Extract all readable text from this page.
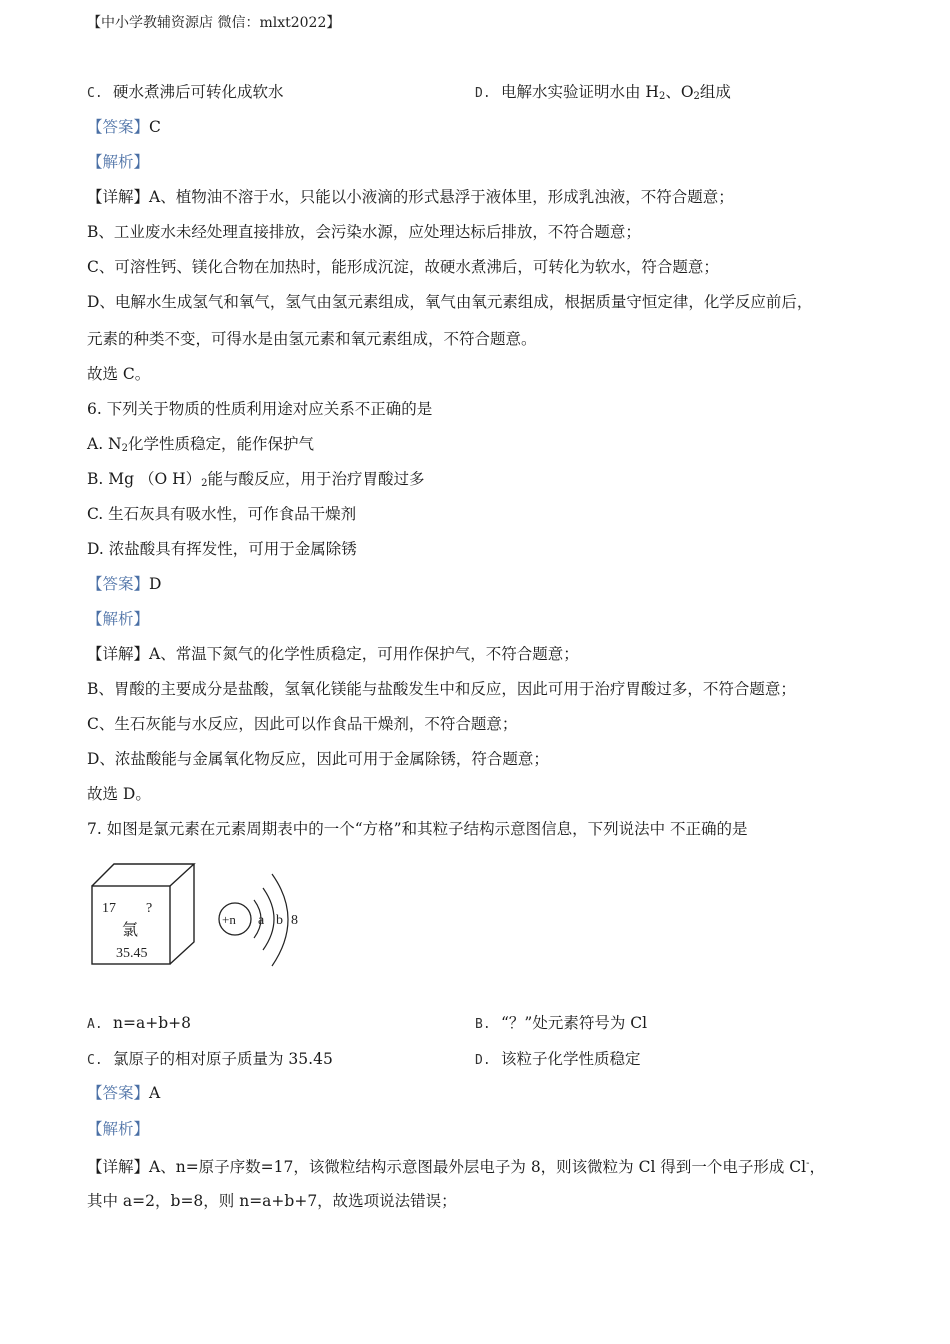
【中小学教辅资源店 微信：mlxt2022】
C. 硬水煮沸后可转化成软水	D. 电解水实验证明水由 $H_2$、$O_2$组成
【答案】C
【解析】
【详解】A、植物油不溶于水，只能以小液滴的形式悬浮于液体里，形成乳浊液，不符合题意；
B、工业废水未经处理直接排放，会污染水源，应处理达标后排放，不符合题意；
C、可溶性钙、镁化合物在加热时，能形成沉淀，故硬水煮沸后，可转化为软水，符合题意；
D、电解水生成氢气和氧气，氢气由氢元素组成，氧气由氧元素组成，根据质量守恒定律，化学反应前后，
元素的种类不变，可得水是由氢元素和氧元素组成，不符合题意。
故选 C。
6. 下列关于物质的性质利用途对应关系不正确的是
A. $N_2$化学性质稳定，能作保护气
B. Mg （O $H)_2$能与酸反应，用于治疗胃酸过多
C. 生石灰具有吸水性，可作食品干燥剂
D. 浓盐酸具有挥发性，可用于金属除锈
【答案】D
【解析】
【详解】A、常温下氮气的化学性质稳定，可用作保护气，不符合题意；
B、胃酸的主要成分是盐酸，氢氧化镁能与盐酸发生中和反应，因此可用于治疗胃酸过多，不符合题意；
C、生石灰能与水反应，因此可以作食品干燥剂，不符合题意；
D、浓盐酸能与金属氧化物反应，因此可用于金属除锈，符合题意；
故选 D。
7. 如图是氯元素在元素周期表中的一个“方格”和其粒子结构示意图信息，下列说法中 不正确的是
17 ?
氯
35.45
+n a b 8
A. n=a+b+8	B. “？”处元素符号为 Cl
C. 氯原子的相对原子质量为 35.45	D. 该粒子化学性质稳定
【答案】A
【解析】
【详解】A、n=原子序数=17，该微粒结构示意图最外层电子为 8，则该微粒为 Cl 得到一个电子形成 Cl-，
其中 a=2，b=8，则 n=a+b+7，故选项说法错误；
